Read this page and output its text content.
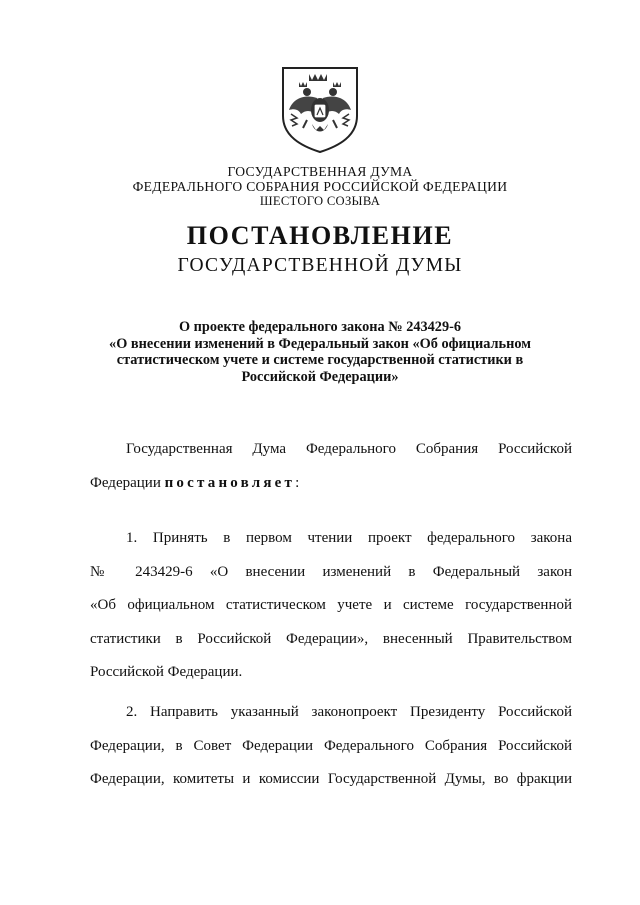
ГОСУДАРСТВЕННАЯ ДУМА
ФЕДЕРАЛЬНОГО СОБРАНИЯ РОССИЙСКОЙ ФЕДЕРАЦИИ
ШЕСТОГО СОЗЫВА
ПОСТАНОВЛЕНИЕ
ГОСУДАРСТВЕННОЙ ДУМЫ
О проекте федерального закона № 243429-6
«О внесении изменений в Федеральный закон «Об официальном
статистическом учете и системе государственной статистики в
Российской Федерации»
Государственная Дума Федерального Собрания Российской
Федерации постановляет:
1. Принять в первом чтении проект федерального закона
№ 243429-6 «О внесении изменений в Федеральный закон
«Об официальном статистическом учете и системе государственной
статистики в Российской Федерации», внесенный Правительством
Российской Федерации.
2. Направить указанный законопроект Президенту Российской
Федерации, в Совет Федерации Федерального Собрания Российской
Федерации, комитеты и комиссии Государственной Думы, во фракции
